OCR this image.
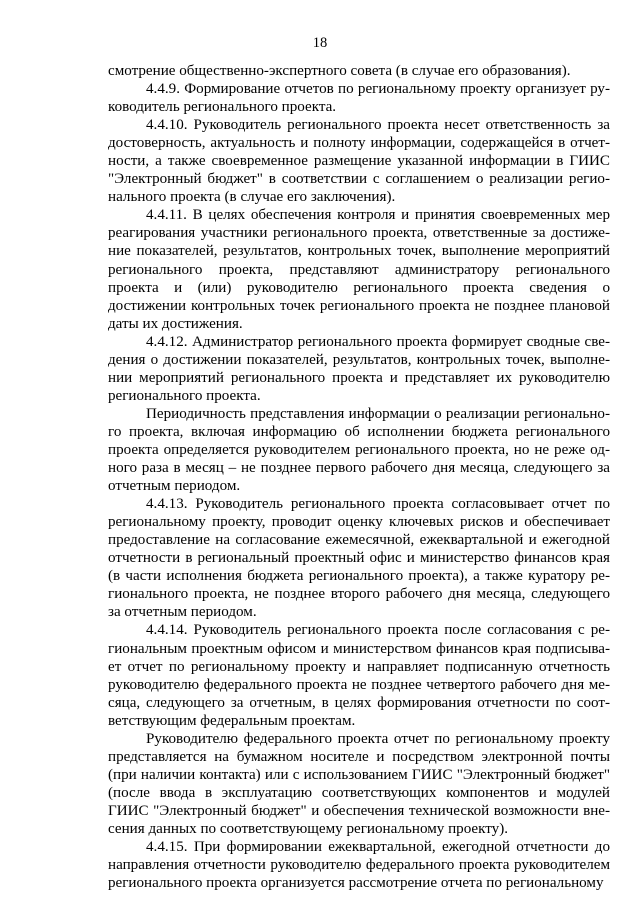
18

смотрение общественно-экспертного совета (в случае его образования).

4.4.9. Формирование отчетов по региональному проекту организует руководитель регионального проекта.

4.4.10. Руководитель регионального проекта несет ответственность за достоверность, актуальность и полноту информации, содержащейся в отчетности, а также своевременное размещение указанной информации в ГИИС "Электронный бюджет" в соответствии с соглашением о реализации регионального проекта (в случае его заключения).

4.4.11. В целях обеспечения контроля и принятия своевременных мер реагирования участники регионального проекта, ответственные за достижение показателей, результатов, контрольных точек, выполнение мероприятий регионального проекта, представляют администратору регионального проекта и (или) руководителю регионального проекта сведения о достижении контрольных точек регионального проекта не позднее плановой даты их достижения.

4.4.12. Администратор регионального проекта формирует сводные сведения о достижении показателей, результатов, контрольных точек, выполнении мероприятий регионального проекта и представляет их руководителю регионального проекта.

Периодичность представления информации о реализации регионального проекта, включая информацию об исполнении бюджета регионального проекта определяется руководителем регионального проекта, но не реже одного раза в месяц – не позднее первого рабочего дня месяца, следующего за отчетным периодом.

4.4.13. Руководитель регионального проекта согласовывает отчет по региональному проекту, проводит оценку ключевых рисков и обеспечивает предоставление на согласование ежемесячной, ежеквартальной и ежегодной отчетности в региональный проектный офис и министерство финансов края (в части исполнения бюджета регионального проекта), а также куратору регионального проекта, не позднее второго рабочего дня месяца, следующего за отчетным периодом.

4.4.14. Руководитель регионального проекта после согласования с региональным проектным офисом и министерством финансов края подписывает отчет по региональному проекту и направляет подписанную отчетность руководителю федерального проекта не позднее четвертого рабочего дня месяца, следующего за отчетным, в целях формирования отчетности по соответствующим федеральным проектам.

Руководителю федерального проекта отчет по региональному проекту представляется на бумажном носителе и посредством электронной почты (при наличии контакта) или с использованием ГИИС "Электронный бюджет" (после ввода в эксплуатацию соответствующих компонентов и модулей ГИИС "Электронный бюджет" и обеспечения технической возможности внесения данных по соответствующему региональному проекту).

4.4.15. При формировании ежеквартальной, ежегодной отчетности до направления отчетности руководителю федерального проекта руководителем регионального проекта организуется рассмотрение отчета по региональному
